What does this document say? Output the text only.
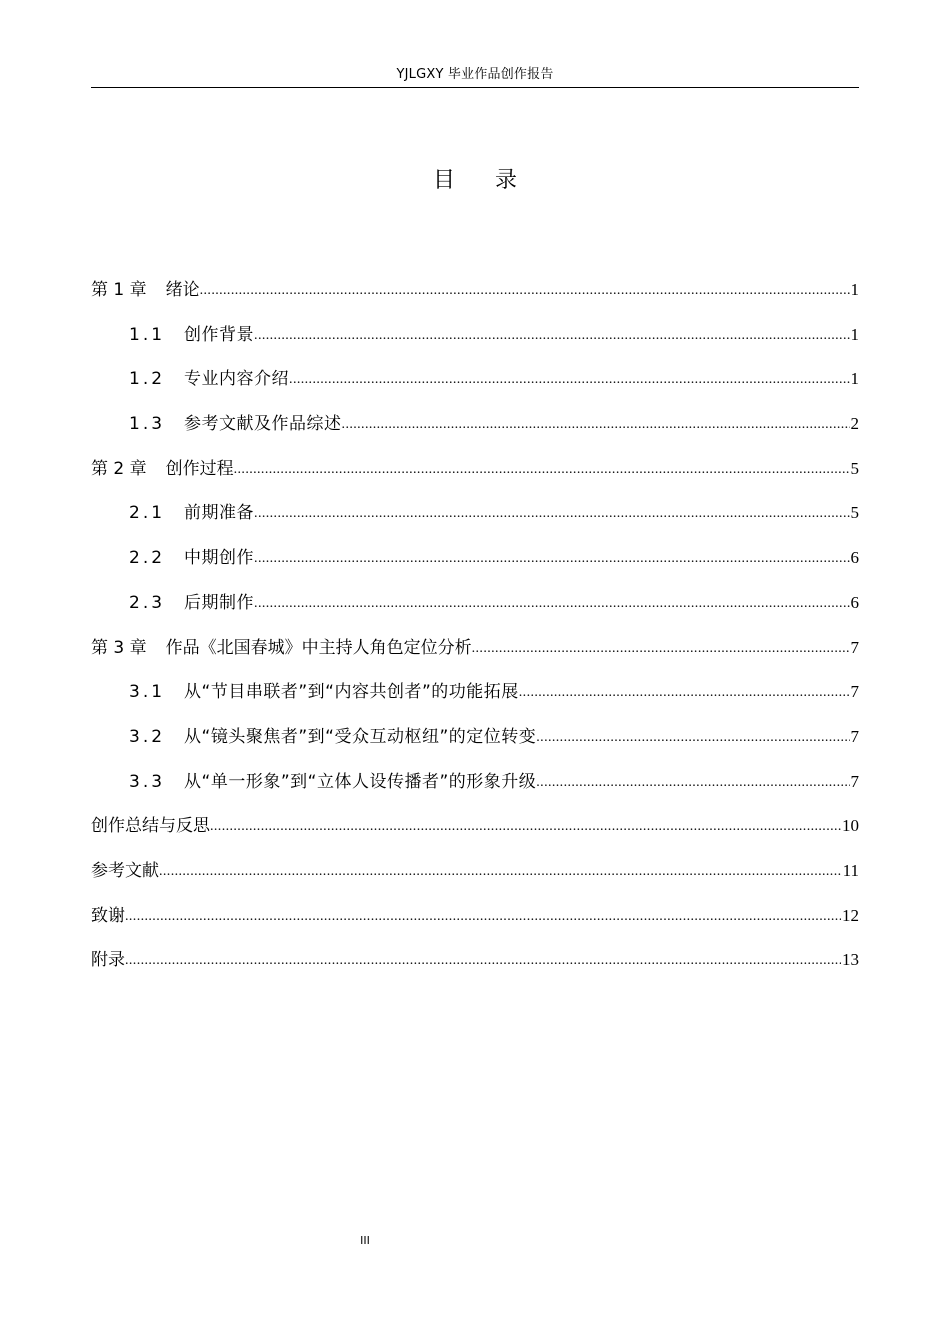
YJLGXY 毕业作品创作报告
目录
第 1 章 绪论 .....	1
1.1 创作背景 .....	1
1.2 专业内容介绍 .....	1
1.3 参考文献及作品综述 .....	2
第 2 章 创作过程 .....	5
2.1 前期准备 .....	5
2.2 中期创作 .....	6
2.3 后期制作 .....	6
第 3 章 作品《北国春城》中主持人角色定位分析 .....	7
3.1 从“节目串联者”到“内容共创者”的功能拓展 .....	7
3.2 从“镜头聚焦者”到“受众互动枢纽”的定位转变 .....	7
3.3 从“单一形象”到“立体人设传播者”的形象升级 .....	7
创作总结与反思 .....	10
参考文献 .....	11
致谢 .....	12
附录 .....	13
III
